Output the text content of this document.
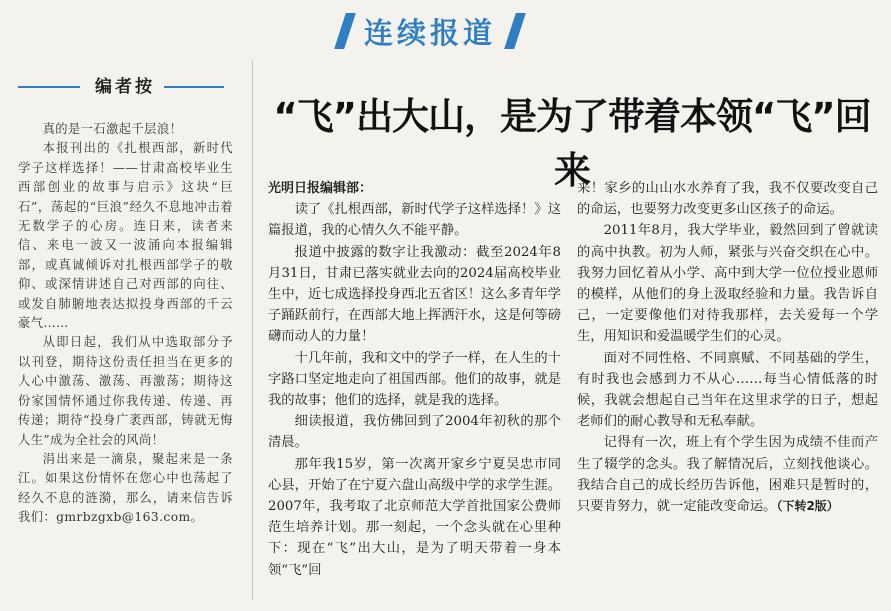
连续报道
编者按

真的是一石激起千层浪！

本报刊出的《扎根西部，新时代学子这样选择！——甘肃高校毕业生西部创业的故事与启示》这块“巨石”，荡起的“巨浪”经久不息地冲击着无数学子的心房。连日来，读者来信、来电一波又一波涌向本报编辑部，或真诚倾诉对扎根西部学子的敬仰、或深情讲述自己对西部的向往、或发自肺腑地表达拟投身西部的千云豪气……

从即日起，我们从中选取部分予以刊登，期待这份责任担当在更多的人心中激荡、激荡、再激荡；期待这份家国情怀通过你我传递、传递、再传递；期待“投身广袤西部，铸就无悔人生”成为全社会的风尚！

涓出来是一滴泉，聚起来是一条江。如果这份情怀在您心中也荡起了经久不息的涟漪，那么，请来信告诉我们：gmrbzgxb@163.com。

“飞”出大山，是为了带着本领“飞”回来

光明日报编辑部：

读了《扎根西部，新时代学子这样选择！》这篇报道，我的心情久久不能平静。

报道中披露的数字让我激动：截至2024年8月31日，甘肃已落实就业去向的2024届高校毕业生中，近七成选择投身西北五省区！这么多青年学子踊跃前行，在西部大地上挥洒汗水，这是何等磅礴而动人的力量！

十几年前，我和文中的学子一样，在人生的十字路口坚定地走向了祖国西部。他们的故事，就是我的故事；他们的选择，就是我的选择。

细读报道，我仿佛回到了2004年初秋的那个清晨。

那年我15岁，第一次离开家乡宁夏吴忠市同心县，开始了在宁夏六盘山高级中学的求学生涯。2007年，我考取了北京师范大学首批国家公费师范生培养计划。那一刻起，一个念头就在心里种下：现在“飞”出大山，是为了明天带着一身本领“飞”回

来！家乡的山山水水养育了我，我不仅要改变自己的命运，也要努力改变更多山区孩子的命运。

2011年8月，我大学毕业，毅然回到了曾就读的高中执教。初为人师，紧张与兴奋交织在心中。我努力回忆着从小学、高中到大学一位位授业恩师的模样，从他们的身上汲取经验和力量。我告诉自己，一定要像他们对待我那样，去关爱每一个学生，用知识和爱温暖学生们的心灵。

面对不同性格、不同禀赋、不同基础的学生，有时我也会感到力不从心……每当心情低落的时候，我就会想起自己当年在这里求学的日子，想起老师们的耐心教导和无私奉献。

记得有一次，班上有个学生因为成绩不佳而产生了辍学的念头。我了解情况后，立刻找他谈心。我结合自己的成长经历告诉他，困难只是暂时的，只要肯努力，就一定能改变命运。（下转2版）
